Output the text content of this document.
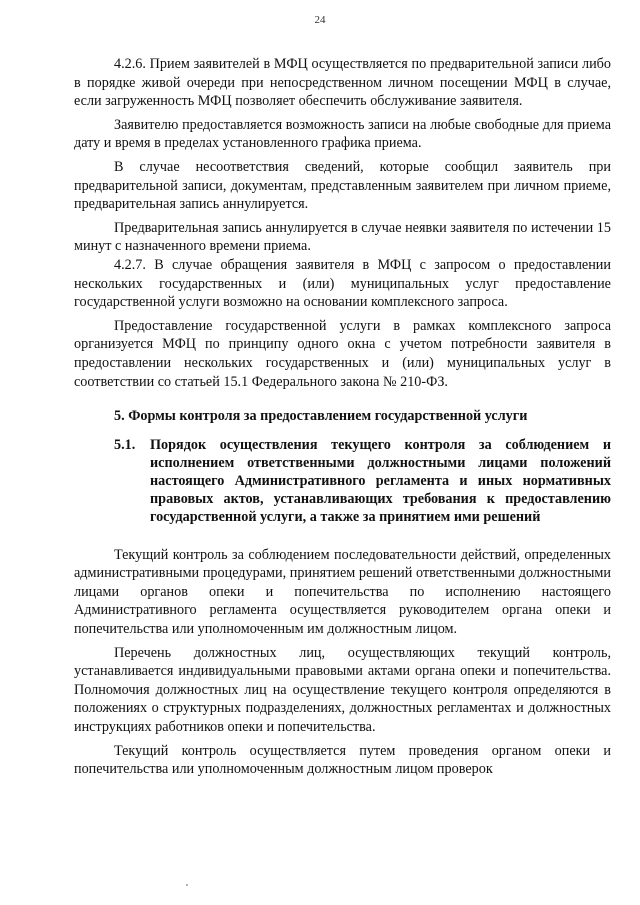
24

4.2.6. Прием заявителей в МФЦ осуществляется по предварительной записи либо в порядке живой очереди при непосредственном личном посещении МФЦ в случае, если загруженность МФЦ позволяет обеспечить обслуживание заявителя.

Заявителю предоставляется возможность записи на любые свободные для приема дату и время в пределах установленного графика приема.

В случае несоответствия сведений, которые сообщил заявитель при предварительной записи, документам, представленным заявителем при личном приеме, предварительная запись аннулируется.

Предварительная запись аннулируется в случае неявки заявителя по истечении 15 минут с назначенного времени приема.

4.2.7. В случае обращения заявителя в МФЦ с запросом о предоставлении нескольких государственных и (или) муниципальных услуг предоставление государственной услуги возможно на основании комплексного запроса.

Предоставление государственной услуги в рамках комплексного запроса организуется МФЦ по принципу одного окна с учетом потребности заявителя в предоставлении нескольких государственных и (или) муниципальных услуг в соответствии со статьей 15.1 Федерального закона № 210-ФЗ.

5. Формы контроля за предоставлением государственной услуги

5.1.	Порядок осуществления текущего контроля за соблюдением и исполнением ответственными должностными лицами положений настоящего Административного регламента и иных нормативных правовых актов, устанавливающих требования к предоставлению государственной услуги, а также за принятием ими решений

Текущий контроль за соблюдением последовательности действий, определенных административными процедурами, принятием решений ответственными должностными лицами органов опеки и попечительства по исполнению настоящего Административного регламента осуществляется руководителем органа опеки и попечительства или уполномоченным им должностным лицом.

Перечень должностных лиц, осуществляющих текущий контроль, устанавливается индивидуальными правовыми актами органа опеки и попечительства. Полномочия должностных лиц на осуществление текущего контроля определяются в положениях о структурных подразделениях, должностных регламентах и должностных инструкциях работников опеки и попечительства.

Текущий контроль осуществляется путем проведения органом опеки и попечительства или уполномоченным должностным лицом проверок
